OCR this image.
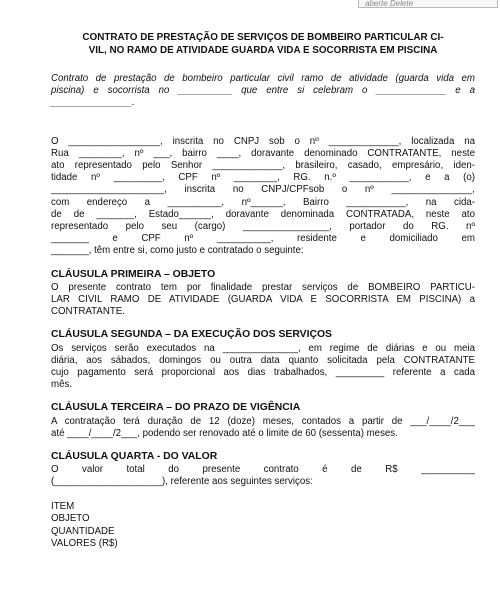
aberte Delete
CONTRATO DE PRESTAÇÃO DE SERVIÇOS DE BOMBEIRO PARTICULAR CI-
VIL, NO RAMO DE ATIVIDADE GUARDA VIDA E SOCORRISTA EM PISCINA
Contrato de prestação de bombeiro particular civil ramo de atividade (guarda vida em
piscina) e socorrista no __________ que entre si celebram o _____________ e a
_______________.
O _________________, inscrita no CNPJ sob o nº _____________, localizada na
Rua ________, nº ___, bairro ____, doravante denominado CONTRATANTE, neste
ato representado pelo Senhor _____________, brasileiro, casado, empresário, iden-
tidade nº _________, CPF nº ________, RG. n.º ___________, e a (o)
_____________________, inscrita no CNPJ/CPFsob o nº _______________,
com endereço a __________, nº______, Bairro ___________, na cida-
de de _______, Estado______, doravante denominada CONTRATADA, neste ato
representado pelo seu (cargo) ________________, portador do RG. nº
_______ e CPF nº __________, residente e domiciliado em
_______, têm entre si, como justo e contratado o seguinte:
CLÁUSULA PRIMEIRA – OBJETO
O presente contrato tem por finalidade prestar serviços de BOMBEIRO PARTICU-
LAR CIVIL RAMO DE ATIVIDADE (GUARDA VIDA E SOCORRISTA EM PISCINA) a
CONTRATANTE.
CLÁUSULA SEGUNDA – DA EXECUÇÃO DOS SERVIÇOS
Os serviços serão executados na ______________, em regime de diárias e ou meia
diária, aos sábados, domingos ou outra data quanto solicitada pela CONTRATANTE
cujo pagamento será proporcional aos dias trabalhados, _________ referente a cada
mês.
CLÁUSULA TERCEIRA – DO PRAZO DE VIGÊNCIA
A contratação terá duração de 12 (doze) meses, contados a partir de ___/____/2___
até ____/____/2___, podendo ser renovado até o limite de 60 (sessenta) meses.
CLÁUSULA QUARTA - DO VALOR
O valor total do presente contrato é de R$ __________
(____________________), referente aos seguintes serviços:
ITEM
OBJETO
QUANTIDADE
VALORES (R$)
